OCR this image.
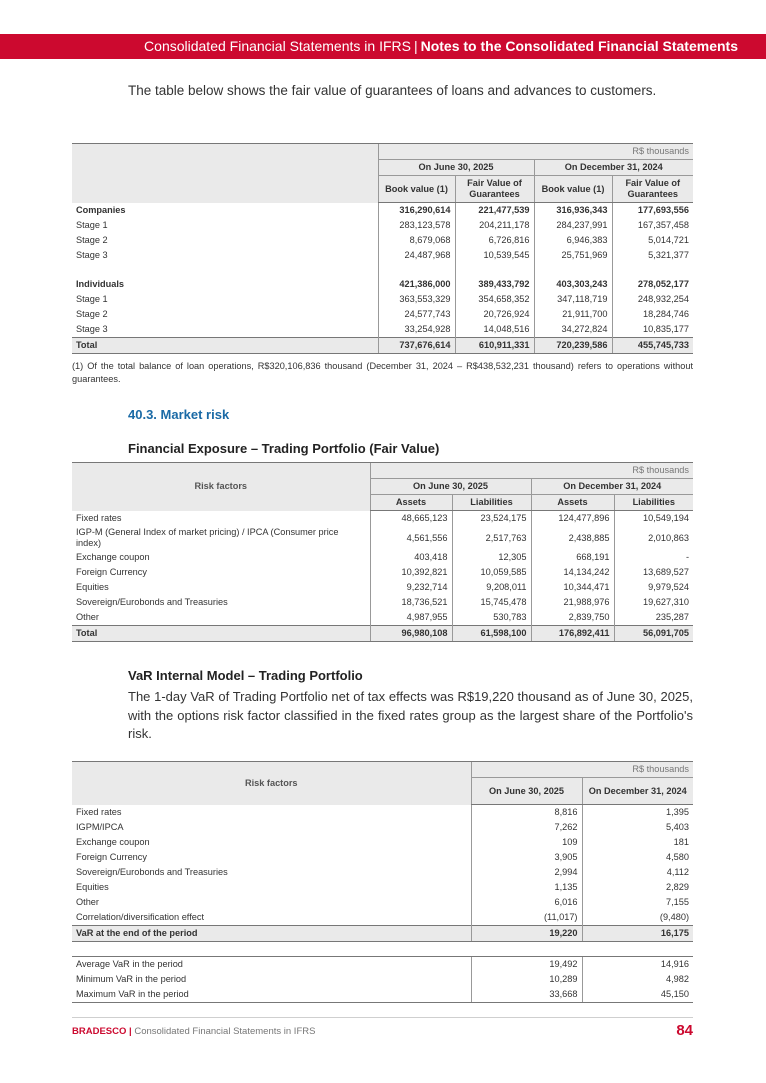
Consolidated Financial Statements in IFRS | Notes to the Consolidated Financial Statements
The table below shows the fair value of guarantees of loans and advances to customers.
	R$ thousands			
	On June 30, 2025		On December 31, 2024	
	Book value (1)	Fair Value of Guarantees	Book value (1)	Fair Value of Guarantees
Companies	316,290,614	221,477,539	316,936,343	177,693,556
Stage 1	283,123,578	204,211,178	284,237,991	167,357,458
Stage 2	8,679,068	6,726,816	6,946,383	5,014,721
Stage 3	24,487,968	10,539,545	25,751,969	5,321,377

Individuals	421,386,000	389,433,792	403,303,243	278,052,177
Stage 1	363,553,329	354,658,352	347,118,719	248,932,254
Stage 2	24,577,743	20,726,924	21,911,700	18,284,746
Stage 3	33,254,928	14,048,516	34,272,824	10,835,177
Total	737,676,614	610,911,331	720,239,586	455,745,733
(1) Of the total balance of loan operations, R$320,106,836 thousand (December 31, 2024 – R$438,532,231 thousand) refers to operations without guarantees.
40.3. Market risk
Financial Exposure – Trading Portfolio (Fair Value)
Risk factors	R$ thousands			
	On June 30, 2025		On December 31, 2024	
	Assets	Liabilities	Assets	Liabilities
Fixed rates	48,665,123	23,524,175	124,477,896	10,549,194
IGP-M (General Index of market pricing) / IPCA (Consumer price index)	4,561,556	2,517,763	2,438,885	2,010,863
Exchange coupon	403,418	12,305	668,191	-
Foreign Currency	10,392,821	10,059,585	14,134,242	13,689,527
Equities	9,232,714	9,208,011	10,344,471	9,979,524
Sovereign/Eurobonds and Treasuries	18,736,521	15,745,478	21,988,976	19,627,310
Other	4,987,955	530,783	2,839,750	235,287
Total	96,980,108	61,598,100	176,892,411	56,091,705
VaR Internal Model – Trading Portfolio
The 1-day VaR of Trading Portfolio net of tax effects was R$19,220 thousand as of June 30, 2025, with the options risk factor classified in the fixed rates group as the largest share of the Portfolio's risk.
Risk factors	R$ thousands	
	On June 30, 2025	On December 31, 2024
Fixed rates	8,816	1,395
IGPM/IPCA	7,262	5,403
Exchange coupon	109	181
Foreign Currency	3,905	4,580
Sovereign/Eurobonds and Treasuries	2,994	4,112
Equities	1,135	2,829
Other	6,016	7,155
Correlation/diversification effect	(11,017)	(9,480)
VaR at the end of the period	19,220	16,175

Average VaR in the period	19,492	14,916
Minimum VaR in the period	10,289	4,982
Maximum VaR in the period	33,668	45,150
BRADESCO | Consolidated Financial Statements in IFRS	84
